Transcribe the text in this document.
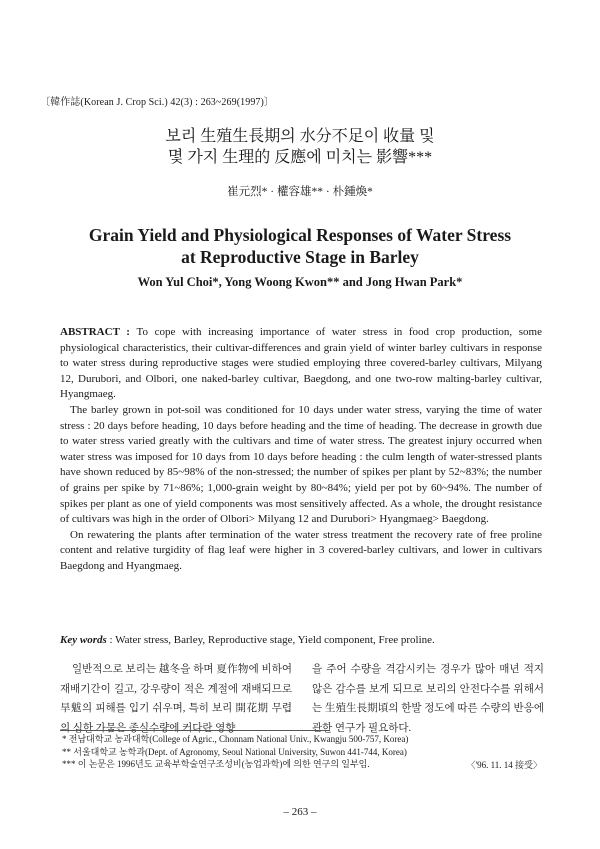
〔韓作誌(Korean J. Crop Sci.) 42(3) : 263~269(1997)〕
보리 生殖生長期의 水分不足이 收量 및
몇 가지 生理的 反應에 미치는 影響***
崔元烈* · 權容雄** · 朴鍾煥*
Grain Yield and Physiological Responses of Water Stress
at Reproductive Stage in Barley
Won Yul Choi*, Yong Woong Kwon** and Jong Hwan Park*

ABSTRACT : To cope with increasing importance of water stress in food crop production, some physiological characteristics, their cultivar-differences and grain yield of winter barley cultivars in response to water stress during reproductive stages were studied employing three covered-barley cultivars, Milyang 12, Durubori, and Olbori, one naked-barley cultivar, Baegdong, and one two-row malting-barley cultivar, Hyangmaeg.

The barley grown in pot-soil was conditioned for 10 days under water stress, varying the time of water stress : 20 days before heading, 10 days before heading and the time of heading. The decrease in growth due to water stress varied greatly with the cultivars and time of water stress. The greatest injury occurred when water stress was imposed for 10 days from 10 days before heading : the culm length of water-stressed plants have shown reduced by 85~98% of the non-stressed; the number of spikes per plant by 52~83%; the number of grains per spike by 71~86%; 1,000-grain weight by 80~84%; yield per pot by 60~94%. The number of spikes per plant as one of yield components was most sensitively affected. As a whole, the drought resistance of cultivars was high in the order of Olbori> Milyang 12 and Durubori> Hyangmaeg> Baegdong.

On rewatering the plants after termination of the water stress treatment the recovery rate of free proline content and relative turgidity of flag leaf were higher in 3 covered-barley cultivars, and lower in cultivars Baegdong and Hyangmaeg.

Key words : Water stress, Barley, Reproductive stage, Yield component, Free proline.

일반적으로 보리는 越冬을 하며 夏作物에 비하여 재배기간이 길고, 강우량이 적은 계절에 재배되므로 旱魃의 피해를 입기 쉬우며, 특히 보리 開花期 무렵의 심한 가뭄은 종실수량에 커다란 영향

을 주어 수량을 격감시키는 경우가 많아 매년 적지 않은 감수를 보게 되므로 보리의 안전다수를 위해서는 生殖生長期頃의 한발 정도에 따른 수량의 반응에 관한 연구가 필요하다.

* 전남대학교 농과대학(College of Agric., Chonnam National Univ., Kwangju 500-757, Korea)
** 서울대학교 농학과(Dept. of Agronomy, Seoul National University, Suwon 441-744, Korea)
*** 이 논문은 1996년도 교육부학술연구조성비(농업과학)에 의한 연구의 일부임.	〈'96. 11. 14 接受〉
– 263 –
